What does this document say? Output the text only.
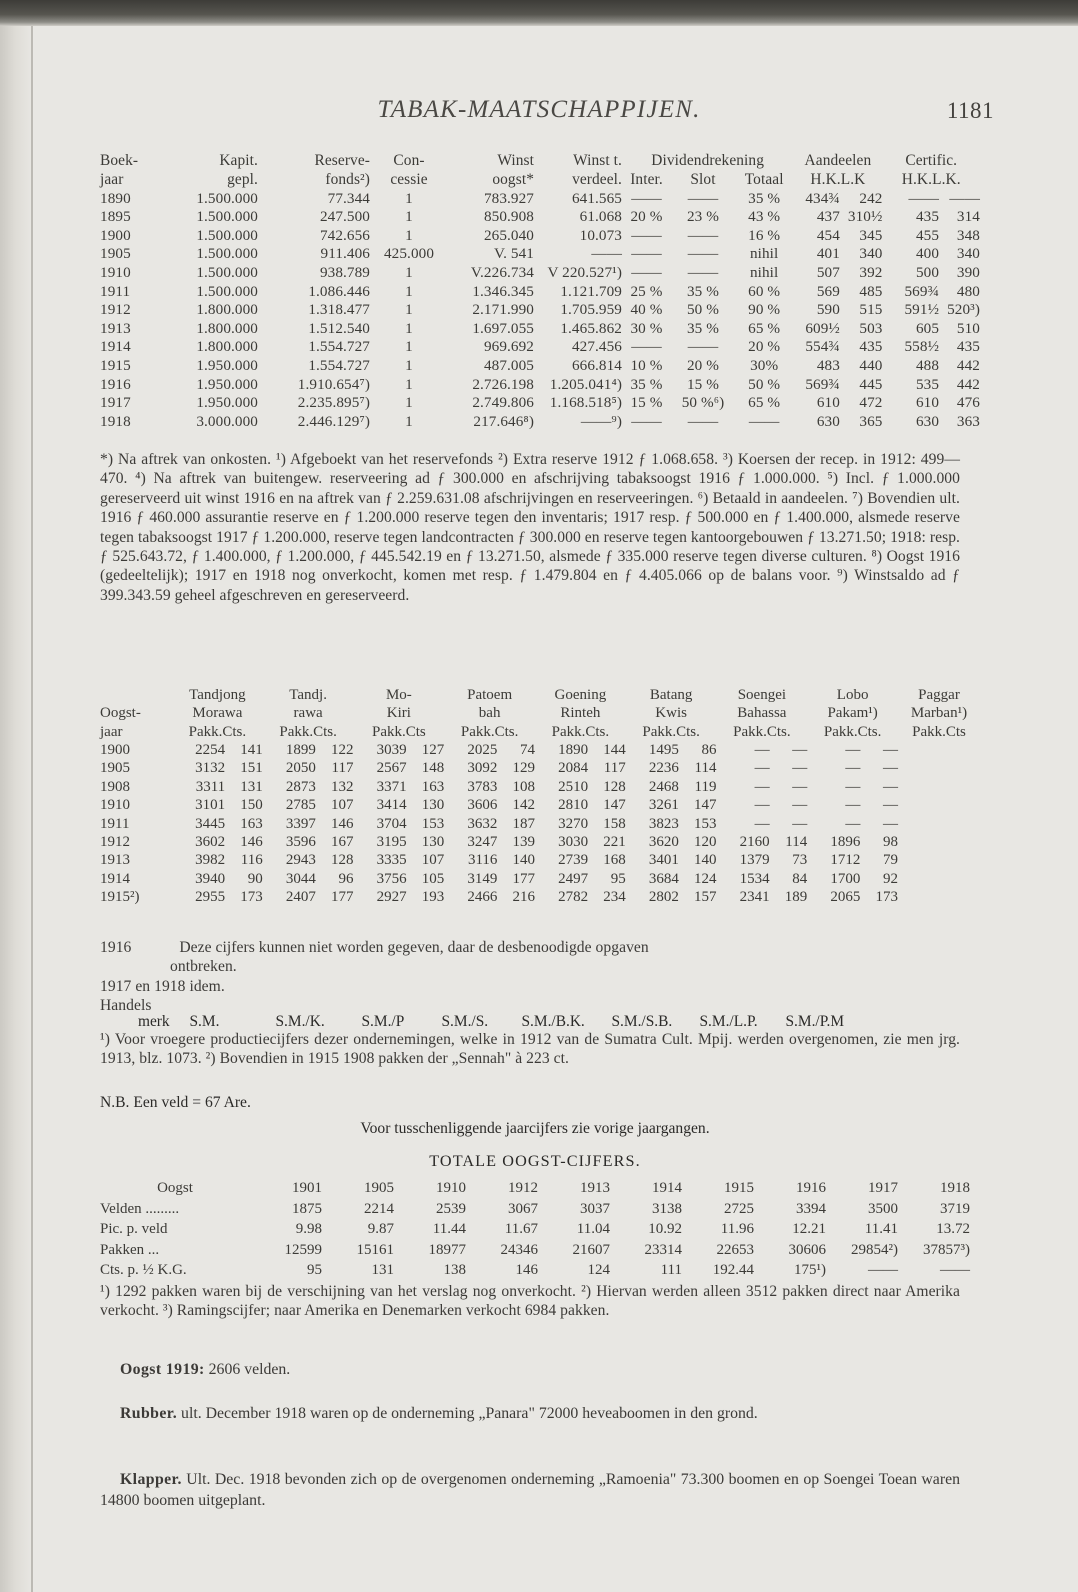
TABAK-MAATSCHAPPIJEN.	1181
Boek-	Kapit.	Reserve-	Con-	Winst	Winst t.	Dividendrekening			Aandeelen		Certific.	
jaar	gepl.	fonds²)	cessie	oogst*	verdeel.	Inter.	Slot	Totaal	H.K.L.K		H.K.L.K.	
1890	1.500.000	77.344	1	783.927	641.565	——	——	35 %	434¾	242	——	——
1895	1.500.000	247.500	1	850.908	61.068	20 %	23 %	43 %	437	310½	435	314
1900	1.500.000	742.656	1	265.040	10.073	——	——	16 %	454	345	455	348
1905	1.500.000	911.406	425.000	V. 541	——	——	——	nihil	401	340	400	340
1910	1.500.000	938.789	1	V.226.734	V 220.527¹)	——	——	nihil	507	392	500	390
1911	1.500.000	1.086.446	1	1.346.345	1.121.709	25 %	35 %	60 %	569	485	569¾	480
1912	1.800.000	1.318.477	1	2.171.990	1.705.959	40 %	50 %	90 %	590	515	591½	520³)
1913	1.800.000	1.512.540	1	1.697.055	1.465.862	30 %	35 %	65 %	609½	503	605	510
1914	1.800.000	1.554.727	1	969.692	427.456	——	——	20 %	554¾	435	558½	435
1915	1.950.000	1.554.727	1	487.005	666.814	10 %	20 %	30%	483	440	488	442
1916	1.950.000	1.910.654⁷)	1	2.726.198	1.205.041⁴)	35 %	15 %	50 %	569¾	445	535	442
1917	1.950.000	2.235.895⁷)	1	2.749.806	1.168.518⁵)	15 %	50 %⁶)	65 %	610	472	610	476
1918	3.000.000	2.446.129⁷)	1	217.646⁸)	——⁹)	——	——	——	630	365	630	363
*) Na aftrek van onkosten. ¹) Afgeboekt van het reservefonds ²) Extra reserve 1912 ƒ 1.068.658. ³) Koersen der recep. in 1912: 499—470. ⁴) Na aftrek van buitengew. reserveering ad ƒ 300.000 en afschrijving tabaksoogst 1916 ƒ 1.000.000. ⁵) Incl. ƒ 1.000.000 gereserveerd uit winst 1916 en na aftrek van ƒ 2.259.631.08 afschrijvingen en reserveeringen. ⁶) Betaald in aandeelen. ⁷) Bovendien ult. 1916 ƒ 460.000 assurantie reserve en ƒ 1.200.000 reserve tegen den inventaris; 1917 resp. ƒ 500.000 en ƒ 1.400.000, alsmede reserve tegen tabaksoogst 1917 ƒ 1.200.000, reserve tegen landcontracten ƒ 300.000 en reserve tegen kantoorgebouwen ƒ 13.271.50; 1918: resp. ƒ 525.643.72, ƒ 1.400.000, ƒ 1.200.000, ƒ 445.542.19 en ƒ 13.271.50, alsmede ƒ 335.000 reserve tegen diverse culturen. ⁸) Oogst 1916 (gedeeltelijk); 1917 en 1918 nog onverkocht, komen met resp. ƒ 1.479.804 en ƒ 4.405.066 op de balans voor. ⁹) Winstsaldo ad ƒ 399.343.59 geheel afgeschreven en gereserveerd.
	Tandjong		Tandj.		Mo-		Patoem		Goening		Batang		Soengei		Lobo		Paggar
Oogst-	Morawa		rawa		Kiri		bah		Rinteh		Kwis		Bahassa		Pakam¹)		Marban¹)
jaar	Pakk.Cts.		Pakk.Cts.		Pakk.Cts		Pakk.Cts.		Pakk.Cts.		Pakk.Cts.		Pakk.Cts.		Pakk.Cts.		Pakk.Cts
1900	2254	141	1899	122	3039	127	2025	74	1890	144	1495	86	—	—	—	—	
1905	3132	151	2050	117	2567	148	3092	129	2084	117	2236	114	—	—	—	—	
1908	3311	131	2873	132	3371	163	3783	108	2510	128	2468	119	—	—	—	—	
1910	3101	150	2785	107	3414	130	3606	142	2810	147	3261	147	—	—	—	—	
1911	3445	163	3397	146	3704	153	3632	187	3270	158	3823	153	—	—	—	—	
1912	3602	146	3596	167	3195	130	3247	139	3030	221	3620	120	2160	114	1896	98	
1913	3982	116	2943	128	3335	107	3116	140	2739	168	3401	140	1379	73	1712	79	
1914	3940	90	3044	96	3756	105	3149	177	2497	95	3684	124	1534	84	1700	92	
1915²)	2955	173	2407	177	2927	193	2466	216	2782	234	2802	157	2341	189	2065	173	
1916	Deze cijfers kunnen niet worden gegeven, daar de desbenoodigde opgaven
ontbreken.
1917 en 1918 idem.
Handels
merk S.M.	S.M./K. S.M./P S.M./S. S.M./B.K. S.M./S.B. S.M./L.P. S.M./P.M
¹) Voor vroegere productiecijfers dezer ondernemingen, welke in 1912 van de Sumatra Cult. Mpij. werden overgenomen, zie men jrg. 1913, blz. 1073. ²) Bovendien in 1915 1908 pakken der „Sennah" à 223 ct.
N.B. Een veld = 67 Are.
Voor tusschenliggende jaarcijfers zie vorige jaargangen.
TOTALE OOGST-CIJFERS.
Oogst	1901	1905	1910	1912	1913	1914	1915	1916	1917	1918
Velden .........	1875	2214	2539	3067	3037	3138	2725	3394	3500	3719
Pic. p. veld	9.98	9.87	11.44	11.67	11.04	10.92	11.96	12.21	11.41	13.72
Pakken ...	12599	15161	18977	24346	21607	23314	22653	30606	29854²)	37857³)
Cts. p. ½ K.G.	95	131	138	146	124	111	192.44	175¹)	——	——
¹) 1292 pakken waren bij de verschijning van het verslag nog onverkocht. ²) Hiervan werden alleen 3512 pakken direct naar Amerika verkocht. ³) Ramingscijfer; naar Amerika en Denemarken verkocht 6984 pakken.
Oogst 1919: 2606 velden.
Rubber. ult. December 1918 waren op de onderneming „Panara" 72000 heveaboomen in den grond.
Klapper. Ult. Dec. 1918 bevonden zich op de overgenomen onderneming „Ramoenia" 73.300 boomen en op Soengei Toean waren 14800 boomen uitgeplant.
